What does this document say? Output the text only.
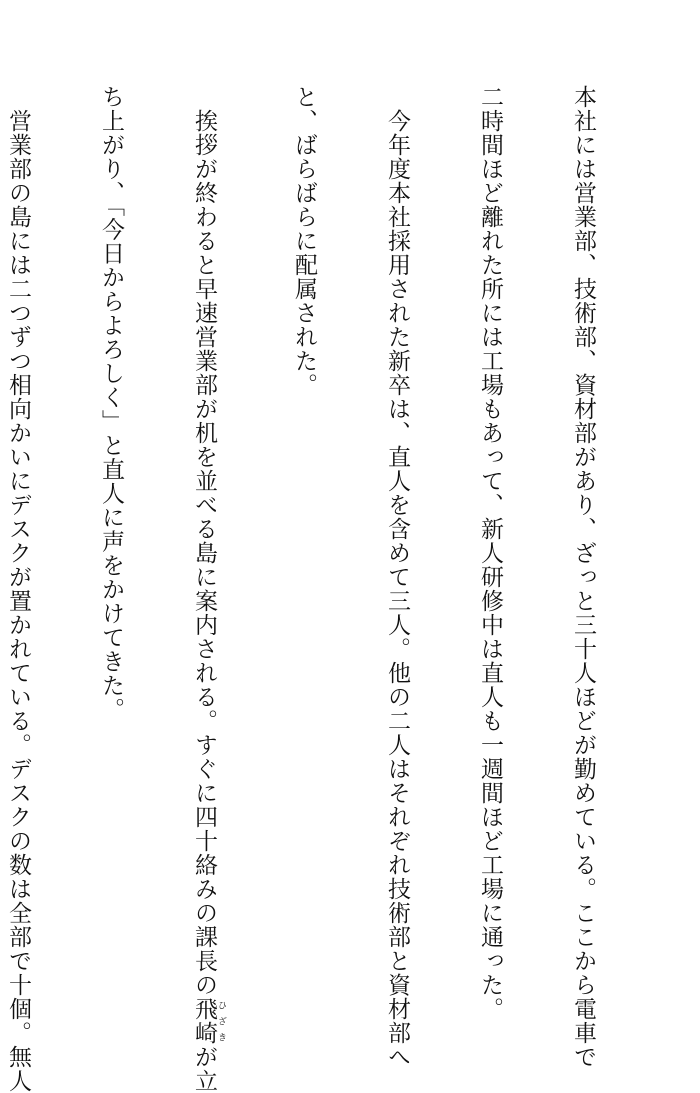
本社には営業部、技術部、資材部があり、ざっと三十人ほどが勤めている。ここから電車で

二時間ほど離れた所には工場もあって、新人研修中は直人も一週間ほど工場に通った。

　今年度本社採用された新卒は、直人を含めて三人。他の二人はそれぞれ技術部と資材部へ

と、ばらばらに配属された。

　挨拶が終わると早速営業部が机を並べる島に案内される。すぐに四十絡みの課長の飛崎 ひざきが立

ち上がり、「今日からよろしく」と直人に声をかけてきた。

　営業部の島には二つずつ相向かいにデスクが置かれている。デスクの数は全部で十個。無人
